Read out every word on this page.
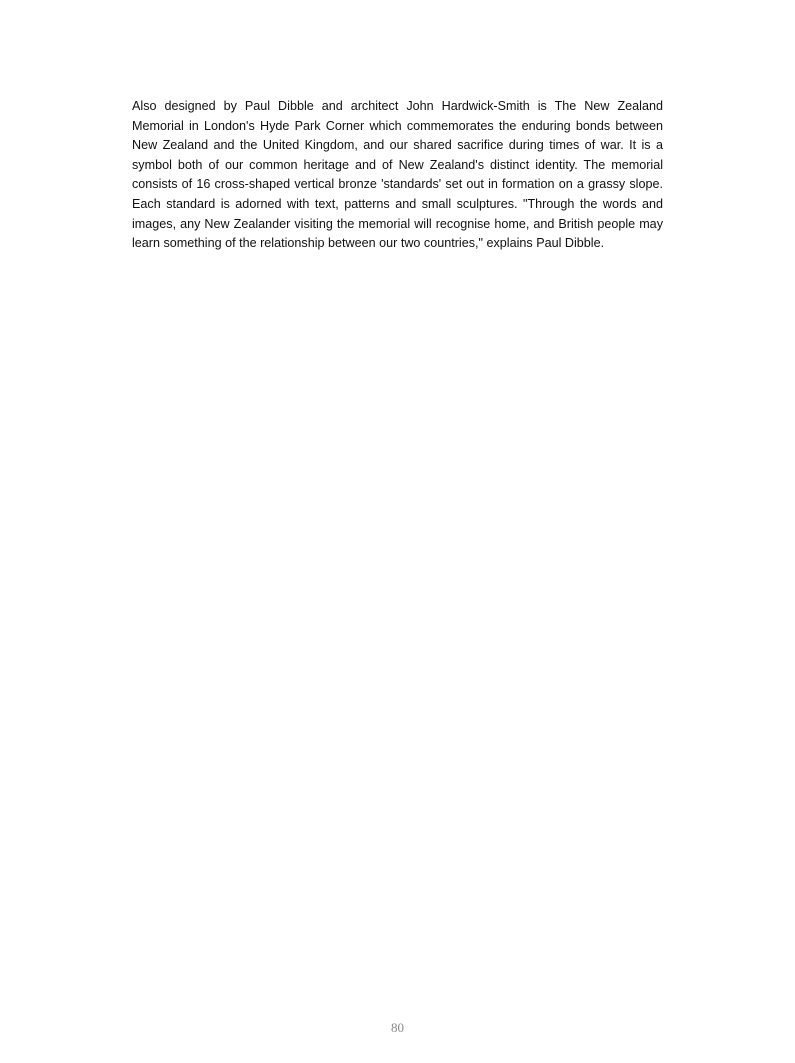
Also designed by Paul Dibble and architect John Hardwick-Smith is The New Zealand Memorial in London's Hyde Park Corner which commemorates the enduring bonds between New Zealand and the United Kingdom, and our shared sacrifice during times of war. It is a symbol both of our common heritage and of New Zealand's distinct identity. The memorial consists of 16 cross-shaped vertical bronze 'standards' set out in formation on a grassy slope. Each standard is adorned with text, patterns and small sculptures. "Through the words and images, any New Zealander visiting the memorial will recognise home, and British people may learn something of the relationship between our two countries," explains Paul Dibble.

80
